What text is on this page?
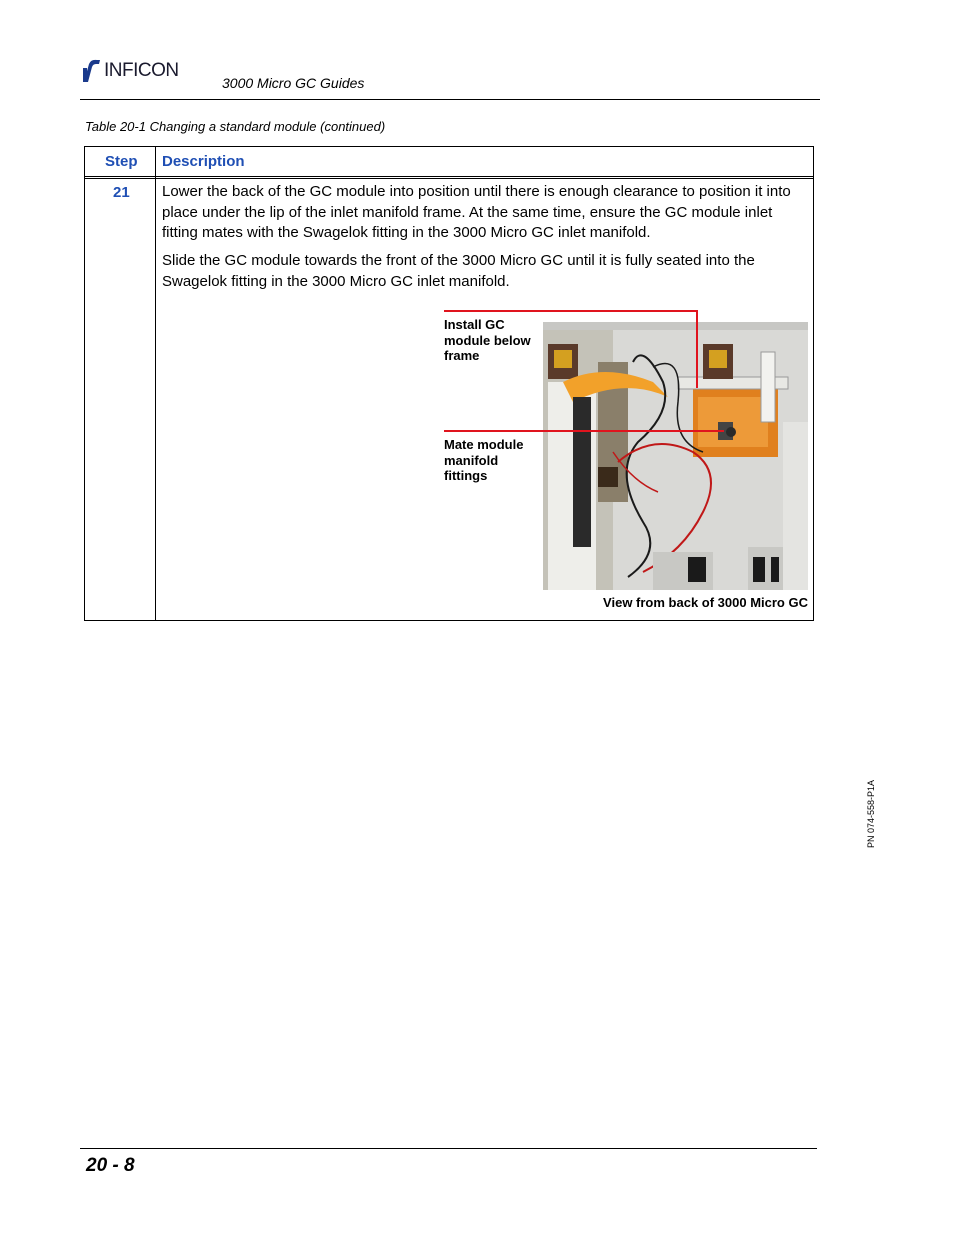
INFICON
3000 Micro GC Guides
Table 20-1 Changing a standard module (continued)
Step Description
21 Lower the back of the GC module into position until there is enough clearance to position it into place under the lip of the inlet manifold frame. At the same time, ensure the GC module inlet fitting mates with the Swagelok fitting in the 3000 Micro GC inlet manifold.
Slide the GC module towards the front of the 3000 Micro GC until it is fully seated into the Swagelok fitting in the 3000 Micro GC inlet manifold.
Install GC module below frame
Mate module manifold fittings
View from back of 3000 Micro GC
PN 074-558-P1A
20 - 8
